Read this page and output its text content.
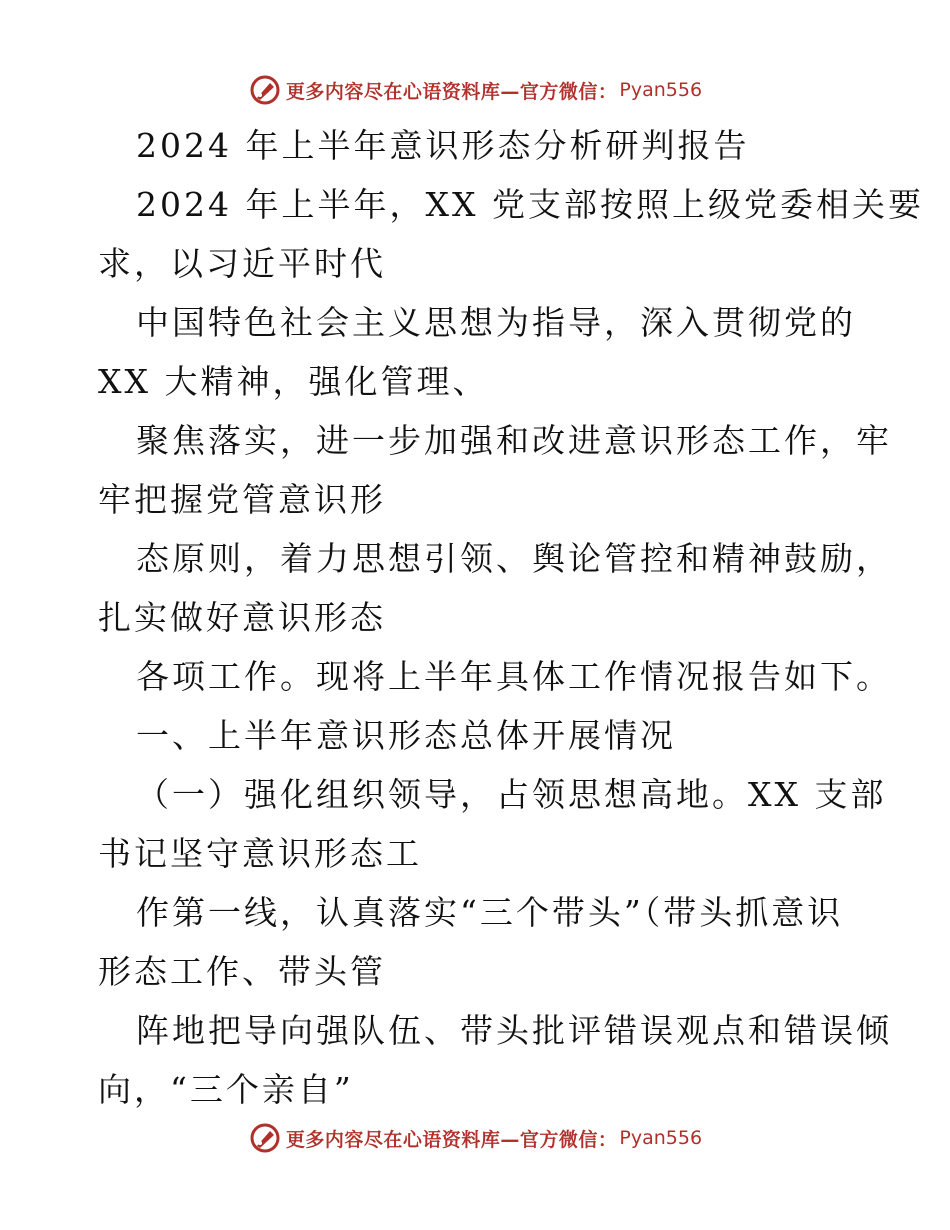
更多内容尽在心语资料库—官方微信： Pyan556
2024 年上半年意识形态分析研判报告
2024 年上半年，XX 党支部按照上级党委相关要
求，以习近平时代
中国特色社会主义思想为指导，深入贯彻党的
XX 大精神，强化管理、
聚焦落实，进一步加强和改进意识形态工作，牢
牢把握党管意识形
态原则，着力思想引领、舆论管控和精神鼓励，
扎实做好意识形态
各项工作。现将上半年具体工作情况报告如下。
一、上半年意识形态总体开展情况
（一）强化组织领导，占领思想高地。XX 支部
书记坚守意识形态工
作第一线，认真落实“三个带头”（带头抓意识
形态工作、带头管
阵地把导向强队伍、带头批评错误观点和错误倾
向，“三个亲自”
更多内容尽在心语资料库—官方微信： Pyan556
